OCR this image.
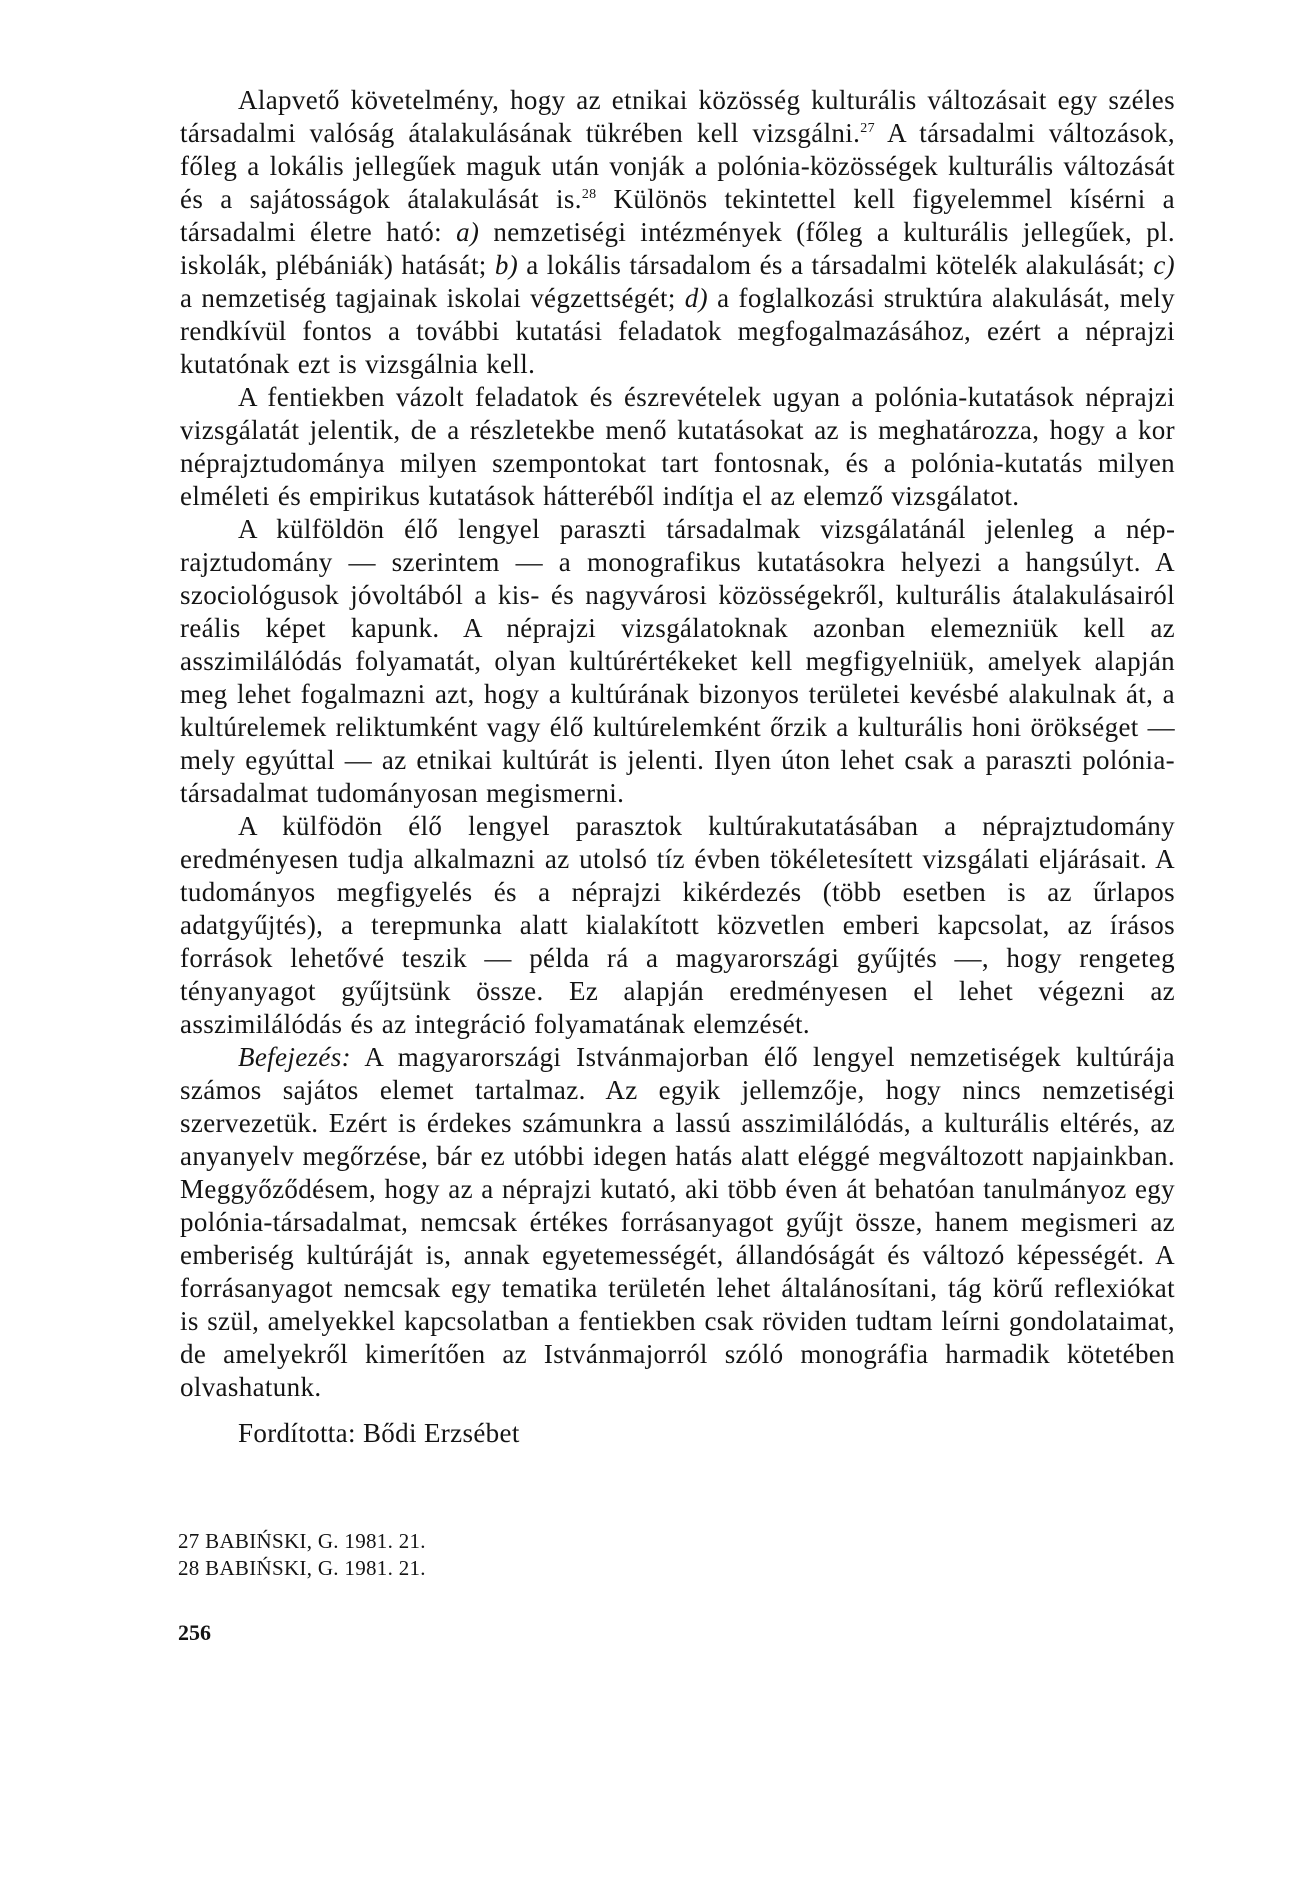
Alapvető követelmény, hogy az etnikai közösség kulturális változásait egy széles társadalmi valóság átalakulásának tükrében kell vizsgálni.$^{27}$ A társadalmi változások, főleg a lokális jellegűek maguk után vonják a polónia-közösségek kulturális változását és a sajátosságok átalakulását is.$^{28}$ Különös tekintettel kell figyelemmel kísérni a társadalmi életre ható: a) nemzetiségi intézmények (főleg a kulturális jellegűek, pl. iskolák, plébániák) hatását; b) a lokális társadalom és a társadalmi kötelék alakulását; c) a nemzetiség tagjainak iskolai végzettségét; d) a foglalkozási struktúra alakulását, mely rendkívül fontos a további kutatási feladatok megfogalmazásához, ezért a néprajzi kutatónak ezt is vizsgálnia kell.

A fentiekben vázolt feladatok és észrevételek ugyan a polónia-kutatások néprajzi vizsgálatát jelentik, de a részletekbe menő kutatásokat az is meghatározza, hogy a kor néprajztudománya milyen szempontokat tart fontosnak, és a polónia-kutatás milyen elméleti és empirikus kutatások hátteréből indítja el az elemző vizsgálatot.

A külföldön élő lengyel paraszti társadalmak vizsgálatánál jelenleg a néprajztudomány — szerintem — a monografikus kutatásokra helyezi a hangsúlyt. A szociológusok jóvoltából a kis- és nagyvárosi közösségekről, kulturális átalakulásairól reális képet kapunk. A néprajzi vizsgálatoknak azonban elemezniük kell az asszimilálódás folyamatát, olyan kultúrértékeket kell megfigyelniük, amelyek alapján meg lehet fogalmazni azt, hogy a kultúrának bizonyos területei kevésbé alakulnak át, a kultúrelemek reliktumként vagy élő kultúrelemként őrzik a kulturális honi örökséget — mely egyúttal — az etnikai kultúrát is jelenti. Ilyen úton lehet csak a paraszti polónia-társadalmat tudományosan megismerni.

A külfödön élő lengyel parasztok kultúrakutatásában a néprajztudomány eredményesen tudja alkalmazni az utolsó tíz évben tökéletesített vizsgálati eljárásait. A tudományos megfigyelés és a néprajzi kikérdezés (több esetben is az űrlapos adatgyűjtés), a terepmunka alatt kialakított közvetlen emberi kapcsolat, az írásos források lehetővé teszik — példa rá a magyarországi gyűjtés —, hogy rengeteg tényanyagot gyűjtsünk össze. Ez alapján eredményesen el lehet végezni az asszimilálódás és az integráció folyamatának elemzését.

Befejezés: A magyarországi Istvánmajorban élő lengyel nemzetiségek kultúrája számos sajátos elemet tartalmaz. Az egyik jellemzője, hogy nincs nemzetiségi szervezetük. Ezért is érdekes számunkra a lassú asszimilálódás, a kulturális eltérés, az anyanyelv megőrzése, bár ez utóbbi idegen hatás alatt eléggé megváltozott napjainkban. Meggyőződésem, hogy az a néprajzi kutató, aki több éven át behatóan tanulmányoz egy polónia-társadalmat, nemcsak értékes forrásanyagot gyűjt össze, hanem megismeri az emberiség kultúráját is, annak egyetemességét, állandóságát és változó képességét. A forrásanyagot nemcsak egy tematika területén lehet általánosítani, tág körű reflexiókat is szül, amelyekkel kapcsolatban a fentiekben csak röviden tudtam leírni gondolataimat, de amelyekről kimerítően az Istvánmajorról szóló monográfia harmadik kötetében olvashatunk.

Fordította: Bődi Erzsébet
27 BABIŃSKI, G. 1981. 21.
28 BABIŃSKI, G. 1981. 21.
256
